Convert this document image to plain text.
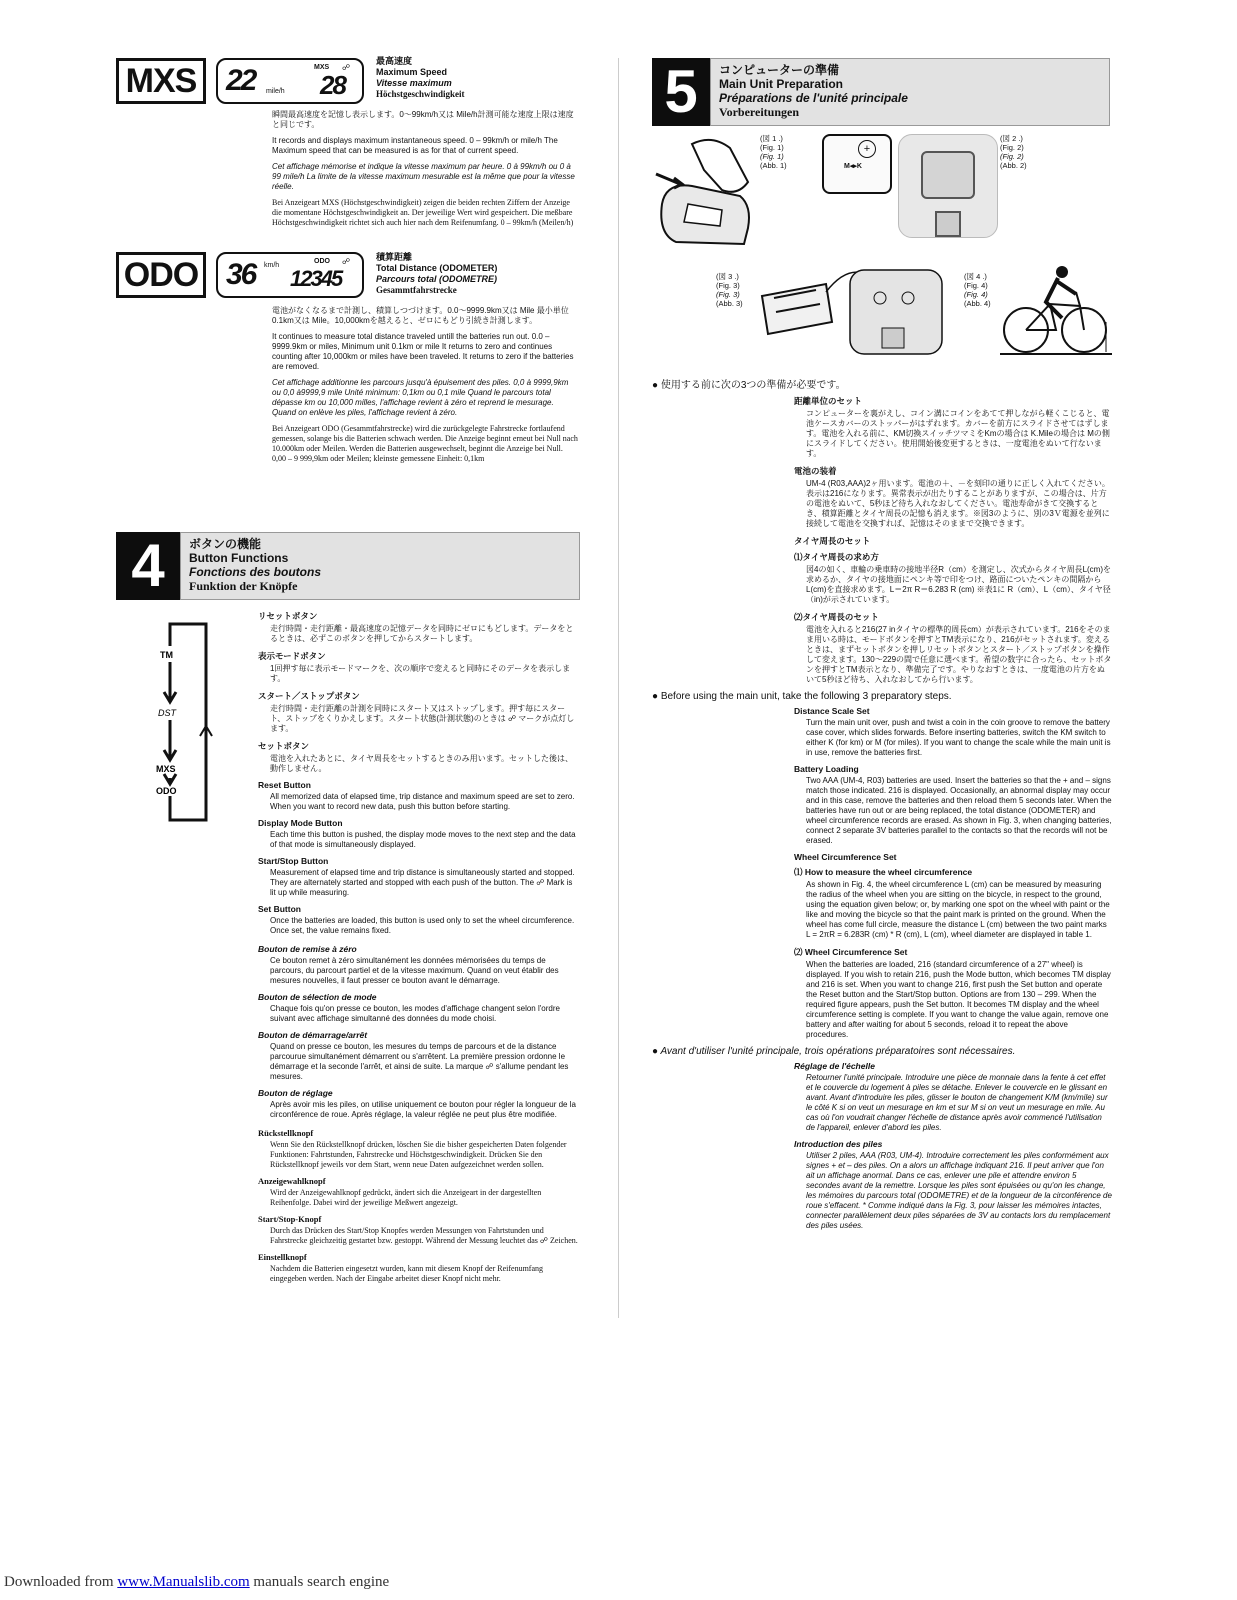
MXS 22 mile/h
MXS ☍
28
最高速度
Maximum Speed
Vitesse maximum
Höchstgeschwindigkeit

瞬間最高速度を記憶し表示します。0〜99km/h又は Mile/h計測可能な速度上限は速度と同じです。

It records and displays maximum instantaneous speed. 0 – 99km/h or mile/h The Maximum speed that can be measured is as for that of current speed.

Cet affichage mémorise et indique la vitesse maximum par heure. 0 à 99km/h ou 0 à 99 mile/h La limite de la vitesse maximum mesurable est la même que pour la vitesse réelle.

Bei Anzeigeart MXS (Höchstgeschwindigkeit) zeigen die beiden rechten Ziffern der Anzeige die momentane Höchstgeschwindigkeit an. Der jeweilige Wert wird gespeichert. Die meßbare Höchstgeschwindigkeit richtet sich auch hier nach dem Reifenumfang. 0 – 99km/h (Meilen/h)

ODO 36 km/h
ODO ☍
12345
積算距離
Total Distance (ODOMETER)
Parcours total (ODOMETRE)
Gesammtfahrstrecke

電池がなくなるまで計測し、積算しつづけます。0.0〜9999.9km又は Mile 最小単位0.1km又は Mile。10,000kmを越えると、ゼロにもどり引続き計測します。

It continues to measure total distance traveled untill the batteries run out. 0.0 – 9999.9km or miles, Minimum unit 0.1km or mile It returns to zero and continues counting after 10,000km or miles have been traveled. It returns to zero if the batteries are removed.

Cet affichage additionne les parcours jusqu'à épuisement des piles. 0,0 à 9999,9km ou 0,0 à9999,9 mile Unité minimum: 0,1km ou 0,1 mile Quand le parcours total dépasse km ou 10,000 milles, l'affichage revient à zéro et reprend le mesurage. Quand on enlève les piles, l'affichage revient à zéro.

Bei Anzeigeart ODO (Gesammtfahrstrecke) wird die zurückgelegte Fahrstrecke fortlaufend gemessen, solange bis die Batterien schwach werden. Die Anzeige beginnt erneut bei Null nach 10.000km oder Meilen. Werden die Batterien ausgewechselt, beginnt die Anzeige bei Null. 0,00 – 9 999,9km oder Meilen; kleinste gemessene Einheit: 0,1km

4	ボタンの機能
Button Functions
Fonctions des boutons
Funktion der Knöpfe
TM
DST
MXS
ODO
リセットボタン

走行時間・走行距離・最高速度の記憶データを同時にゼロにもどします。データをとるときは、必ずこのボタンを押してからスタートします。

表示モードボタン

1回押す毎に表示モードマークを、次の順序で変えると同時にそのデータを表示します。

スタート／ストップボタン

走行時間・走行距離の計測を同時にスタート又はストップします。押す毎にスタート、ストップをくりかえします。スタート状態(計測状態)のときは ☍ マークが点灯します。

セットボタン

電池を入れたあとに、タイヤ周長をセットするときのみ用います。セットした後は、動作しません。

Reset Button

All memorized data of elapsed time, trip distance and maximum speed are set to zero. When you want to record new data, push this button before starting.

Display Mode Button

Each time this button is pushed, the display mode moves to the next step and the data of that mode is simultaneously displayed.

Start/Stop Button

Measurement of elapsed time and trip distance is simultaneously started and stopped. They are alternately started and stopped with each push of the button. The ☍ Mark is lit up while measuring.

Set Button

Once the batteries are loaded, this button is used only to set the wheel circumference. Once set, the value remains fixed.

Bouton de remise à zéro

Ce bouton remet à zéro simultanément les données mémorisées du temps de parcours, du parcourt partiel et de la vitesse maximum. Quand on veut établir des mesures nouvelles, il faut presser ce bouton avant le démarrage.

Bouton de sélection de mode

Chaque fois qu'on presse ce bouton, les modes d'affichage changent selon l'ordre suivant avec affichage simultanné des données du mode choisi.

Bouton de démarrage/arrêt

Quand on presse ce bouton, les mesures du temps de parcours et de la distance parcourue simultanément démarrent ou s'arrêtent. La première pression ordonne le démarrage et la seconde l'arrêt, et ainsi de suite. La marque ☍ s'allume pendant les mesures.

Bouton de réglage

Après avoir mis les piles, on utilise uniquement ce bouton pour régler la longueur de la circonférence de roue. Après réglage, la valeur réglée ne peut plus être modifiée.

Rückstellknopf

Wenn Sie den Rückstellknopf drücken, löschen Sie die bisher gespeicherten Daten folgender Funktionen: Fahrtstunden, Fahrstrecke und Höchstgeschwindigkeit. Drücken Sie den Rückstellknopf jeweils vor dem Start, wenn neue Daten aufgezeichnet werden sollen.

Anzeigewahlknopf

Wird der Anzeigewahlknopf gedrückt, ändert sich die Anzeigeart in der dargestellten Reihenfolge. Dabei wird der jeweilige Meßwert angezeigt.

Start/Stop-Knopf

Durch das Drücken des Start/Stop Knopfes werden Messungen von Fahrtstunden und Fahrstrecke gleichzeitig gestartet bzw. gestoppt. Während der Messung leuchtet das ☍ Zeichen.

Einstellknopf

Nachdem die Batterien eingesetzt wurden, kann mit diesem Knopf der Reifenumfang eingegeben werden. Nach der Eingabe arbeitet dieser Knopf nicht mehr.

5	コンピューターの準備
Main Unit Preparation
Préparations de l'unité principale
Vorbereitungen
(図 1 .)
(Fig. 1)
(Fig. 1)
(Abb. 1)
+
M◂▸K
(図 2 .)
(Fig. 2)
(Fig. 2)
(Abb. 2)
(図 3 .)
(Fig. 3)
(Fig. 3)
(Abb. 3)
(図 4 .)
(Fig. 4)
(Fig. 4)
(Abb. 4)
● 使用する前に次の3つの準備が必要です。
距離単位のセット

コンピューターを裏がえし、コイン溝にコインをあてて押しながら軽くこじると、電池ケースカバーのストッパーがはずれます。カバーを前方にスライドさせてはずします。電池を入れる前に、KM切換スイッチツマミをKmの場合は K.Mileの場合は Mの側にスライドしてください。使用開始後変更するときは、一度電池をぬいて行ないます。

電池の装着

UM-4 (R03,AAA)2ヶ用います。電池の＋、－を刻印の通りに正しく入れてください。表示は216になります。異常表示が出たりすることがありますが、この場合は、片方の電池をぬいて、5秒ほど待ち入れなおしてください。電池寿命がきて交換するとき、積算距離とタイヤ周長の記憶も消えます。※図3のように、別の3Ｖ電源を並列に接続して電池を交換すれば、記憶はそのままで交換できます。

タイヤ周長のセット
⑴タイヤ周長の求め方

図4の如く、車輪の乗車時の接地半径R（cm）を測定し、次式からタイヤ周長L(cm)を求めるか、タイヤの接地面にペンキ等で印をつけ、路面についたペンキの間隔からL(cm)を直接求めます。L＝2π R＝6.283 R (cm) ※表1に R（cm）、L（cm）、タイヤ径（in)が示されています。

⑵タイヤ周長のセット

電池を入れると216(27 inタイヤの標準的周長cm）が表示されています。216をそのまま用いる時は、モードボタンを押すとTM表示になり、216がセットされます。変えるときは、まずセットボタンを押しリセットボタンとスタート／ストップボタンを操作して変えます。130〜229の間で任意に選べます。希望の数字に合ったら、セットボタンを押すとTM表示となり、準備完了です。やりなおすときは、一度電池の片方をぬいて5秒ほど待ち、入れなおしてから行います。

● Before using the main unit, take the following 3 preparatory steps.
Distance Scale Set

Turn the main unit over, push and twist a coin in the coin groove to remove the battery case cover, which slides forwards. Before inserting batteries, switch the KM switch to either K (for km) or M (for miles). If you want to change the scale while the main unit is in use, remove the batteries first.

Battery Loading

Two AAA (UM-4, R03) batteries are used. Insert the batteries so that the + and – signs match those indicated. 216 is displayed. Occasionally, an abnormal display may occur and in this case, remove the batteries and then reload them 5 seconds later. When the batteries have run out or are being replaced, the total distance (ODOMETER) and wheel circumference records are erased. As shown in Fig. 3, when changing batteries, connect 2 separate 3V batteries parallel to the contacts so that the records will not be erased.

Wheel Circumference Set
⑴ How to measure the wheel circumference

As shown in Fig. 4, the wheel circumference L (cm) can be measured by measuring the radius of the wheel when you are sitting on the bicycle, in respect to the ground, using the equation given below; or, by marking one spot on the wheel with paint or the like and moving the bicycle so that the paint mark is printed on the ground. When the wheel has come full circle, measure the distance L (cm) between the two paint marks L = 2πR = 6.283R (cm) * R (cm), L (cm), wheel diameter are displayed in table 1.

⑵ Wheel Circumference Set

When the batteries are loaded, 216 (standard circumference of a 27" wheel) is displayed. If you wish to retain 216, push the Mode button, which becomes TM display and 216 is set. When you want to change 216, first push the Set button and operate the Reset button and the Start/Stop button. Options are from 130 – 299. When the required figure appears, push the Set button. It becomes TM display and the wheel circumference setting is complete. If you want to change the value again, remove one battery and after waiting for about 5 seconds, reload it to repeat the above procedures.

● Avant d'utiliser l'unité principale, trois opérations préparatoires sont nécessaires.
Réglage de l'échelle

Retourner l'unité principale. Introduire une pièce de monnaie dans la fente à cet effet et le couvercle du logement à piles se détache. Enlever le couvercle en le glissant en avant. Avant d'introduire les piles, glisser le bouton de changement K/M (km/mile) sur le côté K si on veut un mesurage en km et sur M si on veut un mesurage en mile. Au cas où l'on voudrait changer l'échelle de distance après avoir commencé l'utilisation de l'appareil, enlever d'abord les piles.

Introduction des piles

Utiliser 2 piles, AAA (R03, UM-4). Introduire correctement les piles conformément aux signes + et – des piles. On a alors un affichage indiquant 216. Il peut arriver que l'on ait un affichage anormal. Dans ce cas, enlever une pile et attendre environ 5 secondes avant de la remettre. Lorsque les piles sont épuisées ou qu'on les change, les mémoires du parcours total (ODOMETRE) et de la longueur de la circonférence de roue s'effacent. * Comme indiqué dans la Fig. 3, pour laisser les mémoires intactes, connecter parallèlement deux piles séparées de 3V au contacts lors du remplacement des piles usées.

Downloaded from www.Manualslib.com manuals search engine
